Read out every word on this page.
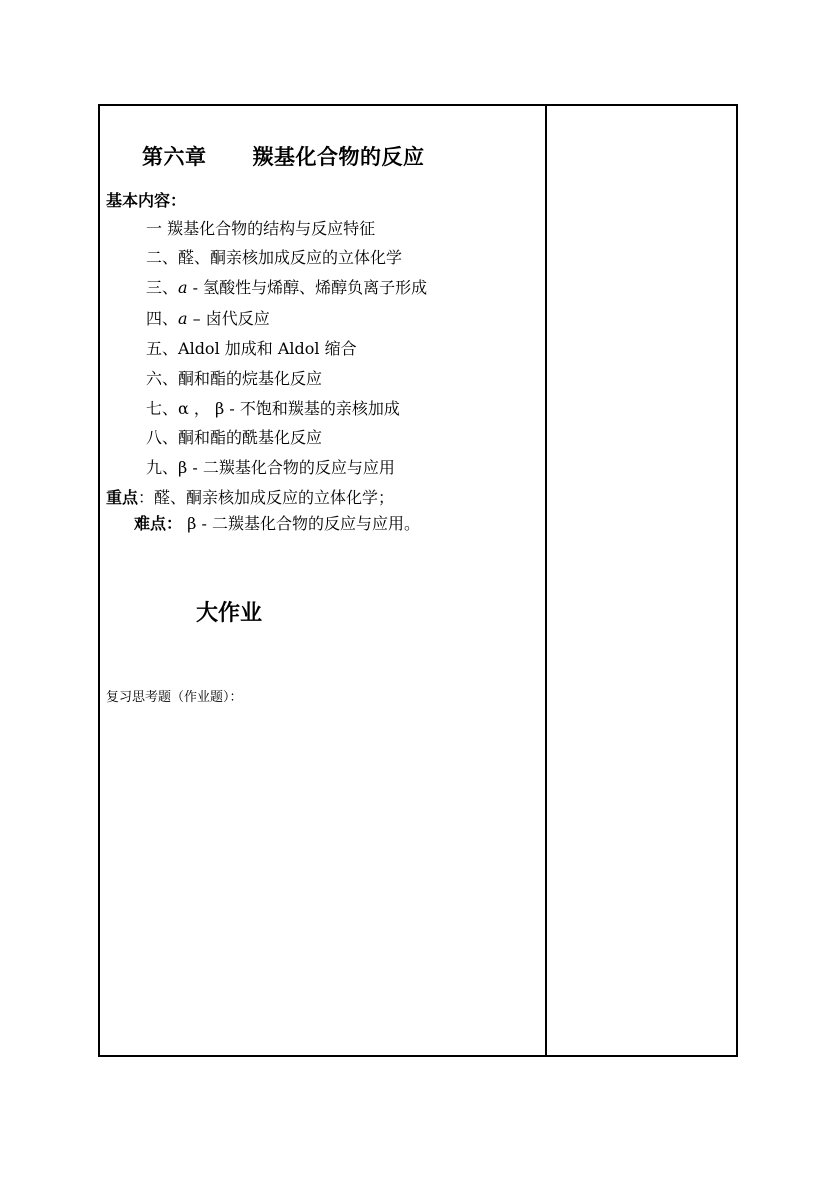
第六章 羰基化合物的反应
基本内容：
一 羰基化合物的结构与反应特征
二、醛、酮亲核加成反应的立体化学
三、a - 氢酸性与烯醇、烯醇负离子形成
四、a – 卤代反应
五、Aldol 加成和 Aldol 缩合
六、酮和酯的烷基化反应
七、α ， β - 不饱和羰基的亲核加成
八、酮和酯的酰基化反应
九、β - 二羰基化合物的反应与应用
重点：醛、酮亲核加成反应的立体化学；
难点： β - 二羰基化合物的反应与应用。
大作业
复习思考题（作业题）：
